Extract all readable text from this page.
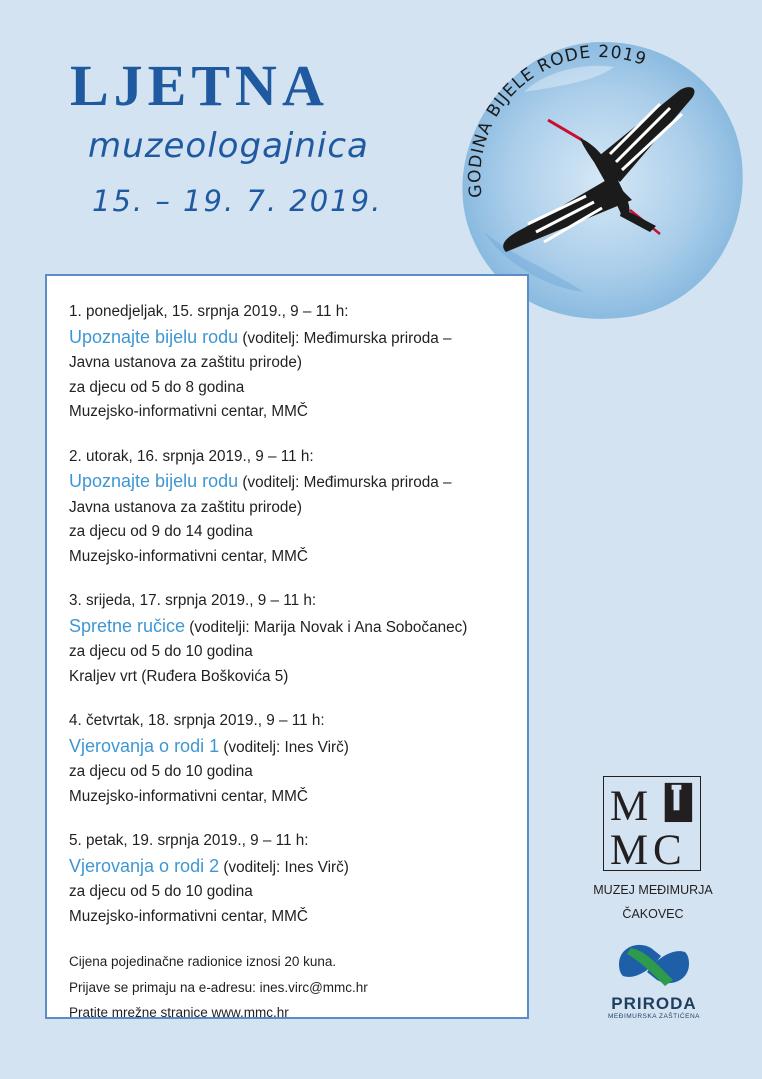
LJETNA
muzeologajnica
15. – 19. 7. 2019.	GODINA BIJELE RODE 2019
1. ponedjeljak, 15. srpnja 2019., 9 – 11 h:
Upoznajte bijelu rodu (voditelj: Međimurska priroda –
Javna ustanova za zaštitu prirode)
za djecu od 5 do 8 godina
Muzejsko-informativni centar, MMČ
2. utorak, 16. srpnja 2019., 9 – 11 h:
Upoznajte bijelu rodu (voditelj: Međimurska priroda –
Javna ustanova za zaštitu prirode)
za djecu od 9 do 14 godina
Muzejsko-informativni centar, MMČ
3. srijeda, 17. srpnja 2019., 9 – 11 h:
Spretne ručice (voditelji: Marija Novak i Ana Sobočanec)
za djecu od 5 do 10 godina
Kraljev vrt (Ruđera Boškovića 5)
4. četvrtak, 18. srpnja 2019., 9 – 11 h:
Vjerovanja o rodi 1 (voditelj: Ines Virč)
za djecu od 5 do 10 godina
Muzejsko-informativni centar, MMČ
5. petak, 19. srpnja 2019., 9 – 11 h:
Vjerovanja o rodi 2 (voditelj: Ines Virč)
za djecu od 5 do 10 godina
Muzejsko-informativni centar, MMČ
Cijena pojedinačne radionice iznosi 20 kuna.
Prijave se primaju na e-adresu: ines.virc@mmc.hr
Pratite mrežne stranice www.mmc.hr
M
M C
MUZEJ MEĐIMURJA
ČAKOVEC
PRIRODA
MEĐIMURSKA ZAŠTIĆENA
